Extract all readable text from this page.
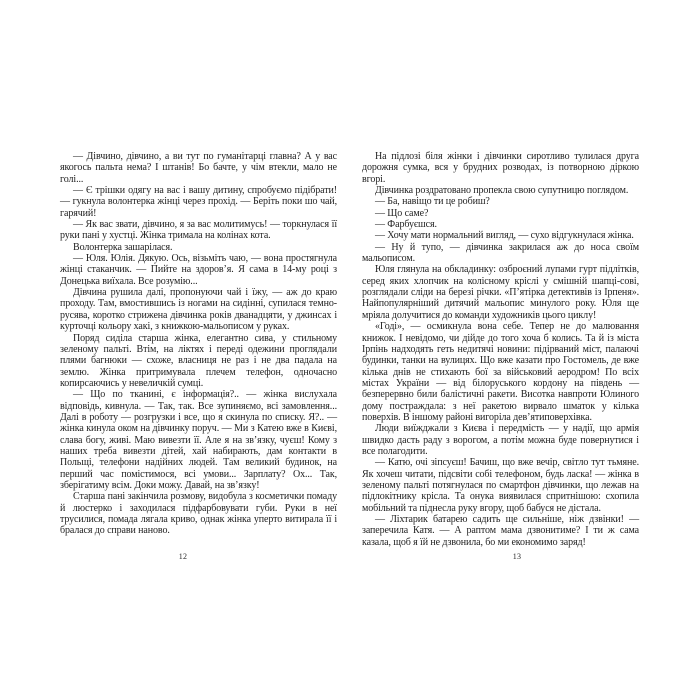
— Дівчино, дівчино, а ви тут по гуманітарці главна? А у вас якогось пальта нема? І штанів! Бо бачте, у чім втекли, мало не голі...

— Є трішки одягу на вас і вашу дитину, спробуємо підібрати! — гукнула волонтерка жінці через прохід. — Беріть поки шо чай, гарячий!

— Як вас звати, дівчино, я за вас молитимусь! — торкнулася її руки пані у хустці. Жінка тримала на колінах кота.

Волонтерка зашарілася.

— Юля. Юлія. Дякую. Ось, візьміть чаю, — вона простягнула жінці стаканчик. — Пийте на здоров’я. Я сама в 14-му році з Донецька виїхала. Все розумію...

Дівчина рушила далі, пропонуючи чай і їжу, — аж до краю проходу. Там, вмостившись із ногами на сидінні, супилася темно-русява, коротко стрижена дівчинка років дванадцяти, у джинсах і курточці кольору хакі, з книжкою-мальописом у руках.

Поряд сиділа старша жінка, елегантно сива, у стильному зеленому пальті. Втім, на ліктях і переді одежини проглядали плями багнюки — схоже, власниця не раз і не два падала на землю. Жінка притримувала плечем телефон, одночасно копирсаючись у невеличкій сумці.

— Що по тканині, є інформація?.. — жінка вислухала відповідь, кивнула. — Так, так. Все зупиняємо, всі замовлення... Далі в роботу — розгрузки і все, що я скинула по списку. Я?.. — жінка кинула оком на дівчинку поруч. — Ми з Катею вже в Києві, слава богу, живі. Маю вивезти її. Але я на зв’язку, чуєш! Кому з наших треба вивезти дітей, хай набирають, дам контакти в Польщі, телефони надійних людей. Там великий будинок, на перший час помістимося, всі умови... Зарплату? Ох... Так, зберігатиму всім. Доки можу. Давай, на зв’язку!

Старша пані закінчила розмову, видобула з косметички помаду й люстерко і заходилася підфарбовувати губи. Руки в неї трусилися, помада лягала криво, однак жінка уперто витирала її і бралася до справи наново.

На підлозі біля жінки і дівчинки сиротливо тулилася друга дорожня сумка, вся у брудних розводах, із потворною діркою вгорі.

Дівчинка роздратовано пропекла свою супутницю поглядом.

— Ба, навіщо ти це робиш?

— Що саме?

— Фарбуєшся.

— Хочу мати нормальний вигляд, — сухо відгукнулася жінка.

— Ну й тупо, — дівчинка закрилася аж до носа своїм мальописом.

Юля глянула на обкладинку: озброєний лупами гурт підлітків, серед яких хлопчик на колісному кріслі у смішній шапці-сові, розглядали сліди на березі річки. «П’ятірка детективів із Ірпеня». Найпопулярніший дитячий мальопис минулого року. Юля ще мріяла долучитися до команди художників цього циклу!

«Годі», — осмикнула вона себе. Тепер не до малювання книжок. І невідомо, чи дійде до того хоча б колись. Та й із міста Ірпінь надходять геть недитячі новини: підірваний міст, палаючі будинки, танки на вулицях. Що вже казати про Гостомель, де вже кілька днів не стихають бої за військовий аеродром! По всіх містах України — від білоруського кордону на південь — безперервно били балістичні ракети. Висотка навпроти Юлиного дому постраждала: з неї ракетою вирвало шматок у кілька поверхів. В іншому районі вигоріла дев’ятиповерхівка.

Люди виїжджали з Києва і передмість — у надії, що армія швидко дасть раду з ворогом, а потім можна буде повернутися і все полагодити.

— Катю, очі зіпсуєш! Бачиш, що вже вечір, світло тут тьмяне. Як хочеш читати, підсвіти собі телефоном, будь ласка! — жінка в зеленому пальті потягнулася по смартфон дівчинки, що лежав на підлокітнику крісла. Та онука виявилася спритнішою: схопила мобільний та піднесла руку вгору, щоб бабуся не дістала.

— Ліхтарик батарею садить ще сильніше, ніж дзвінки! — заперечила Катя. — А раптом мама дзвонитиме? І ти ж сама казала, щоб я їй не дзвонила, бо ми економимо заряд!

12	13
